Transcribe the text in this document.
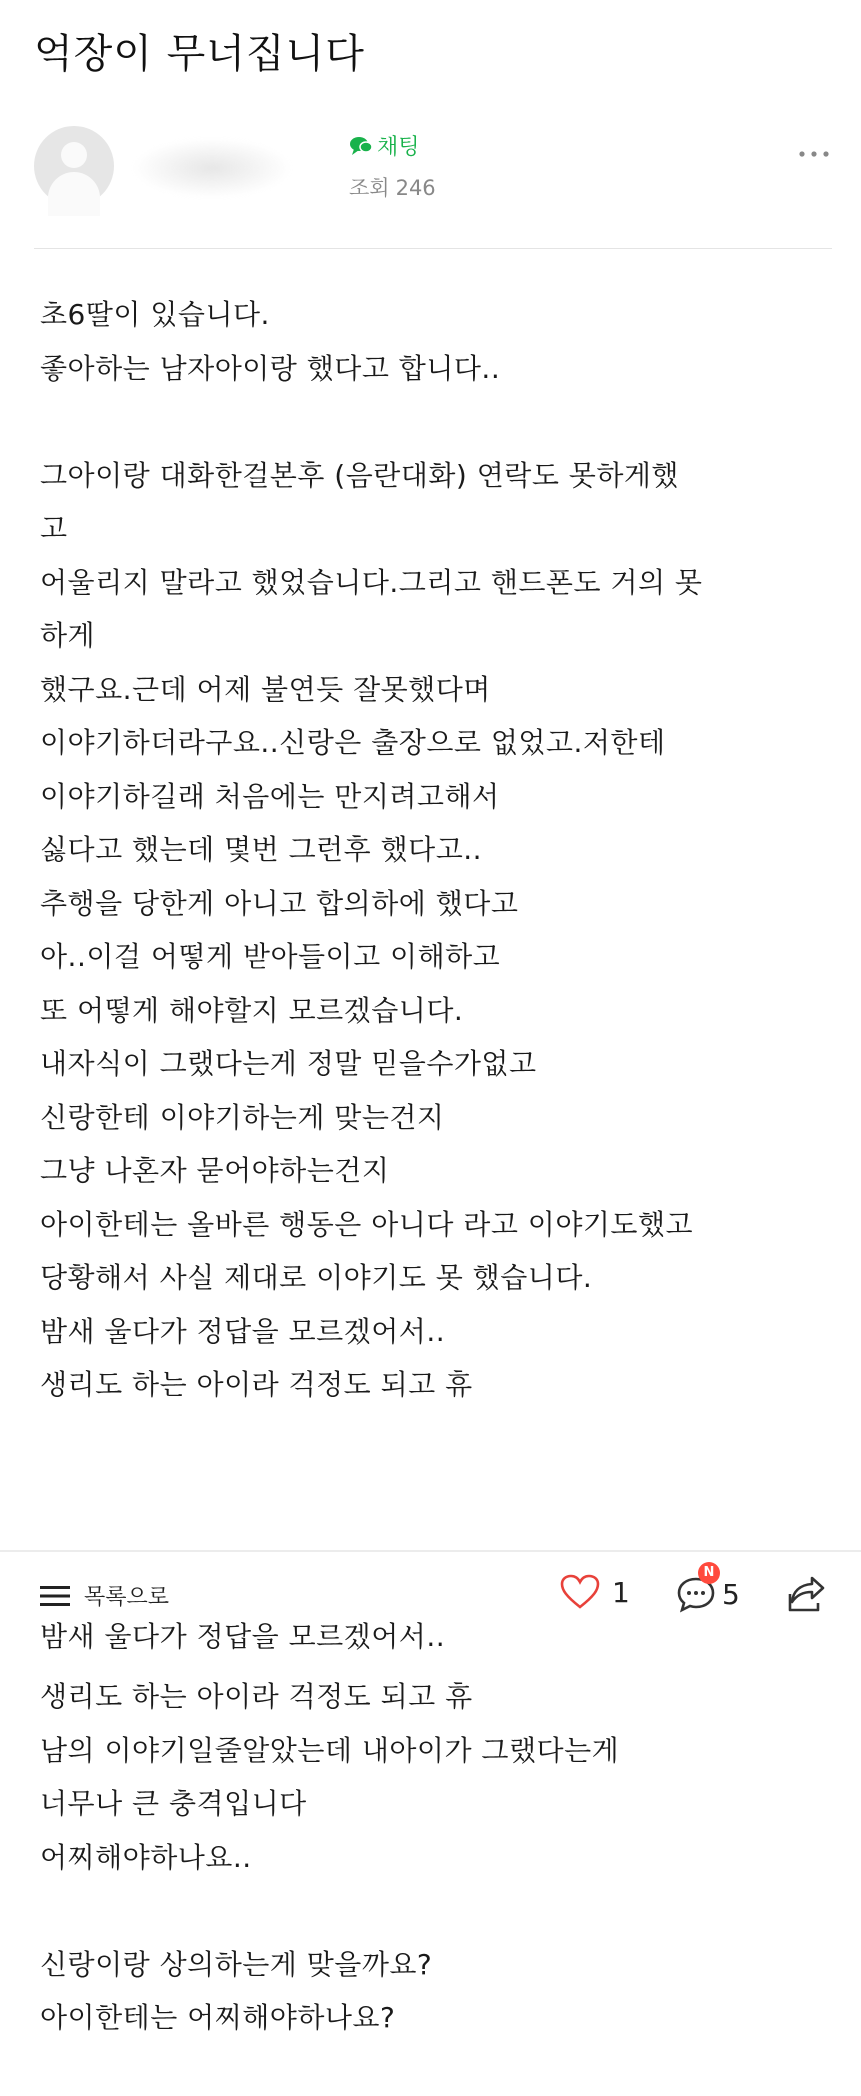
억장이 무너집니다
채팅
조회 246
초6딸이 있습니다.
좋아하는 남자아이랑 했다고 합니다..
그아이랑 대화한걸본후 (음란대화) 연락도 못하게했
고
어울리지 말라고 했었습니다.그리고 핸드폰도 거의 못
하게
했구요.근데 어제 불연듯 잘못했다며
이야기하더라구요..신랑은 출장으로 없었고.저한테
이야기하길래 처음에는 만지려고해서
싫다고 했는데 몇번 그런후 했다고..
추행을 당한게 아니고 합의하에 했다고
아..이걸 어떻게 받아들이고 이해하고
또 어떻게 해야할지 모르겠습니다.
내자식이 그랬다는게 정말 믿을수가없고
신랑한테 이야기하는게 맞는건지
그냥 나혼자 묻어야하는건지
아이한테는 올바른 행동은 아니다 라고 이야기도했고
당황해서 사실 제대로 이야기도 못 했습니다.
밤새 울다가 정답을 모르겠어서..
생리도 하는 아이라 걱정도 되고 휴
목록으로	1
N
5
밤새 울다가 정답을 모르겠어서..
생리도 하는 아이라 걱정도 되고 휴
남의 이야기일줄알았는데 내아이가 그랬다는게
너무나 큰 충격입니다
어찌해야하나요..
신랑이랑 상의하는게 맞을까요?
아이한테는 어찌해야하나요?
